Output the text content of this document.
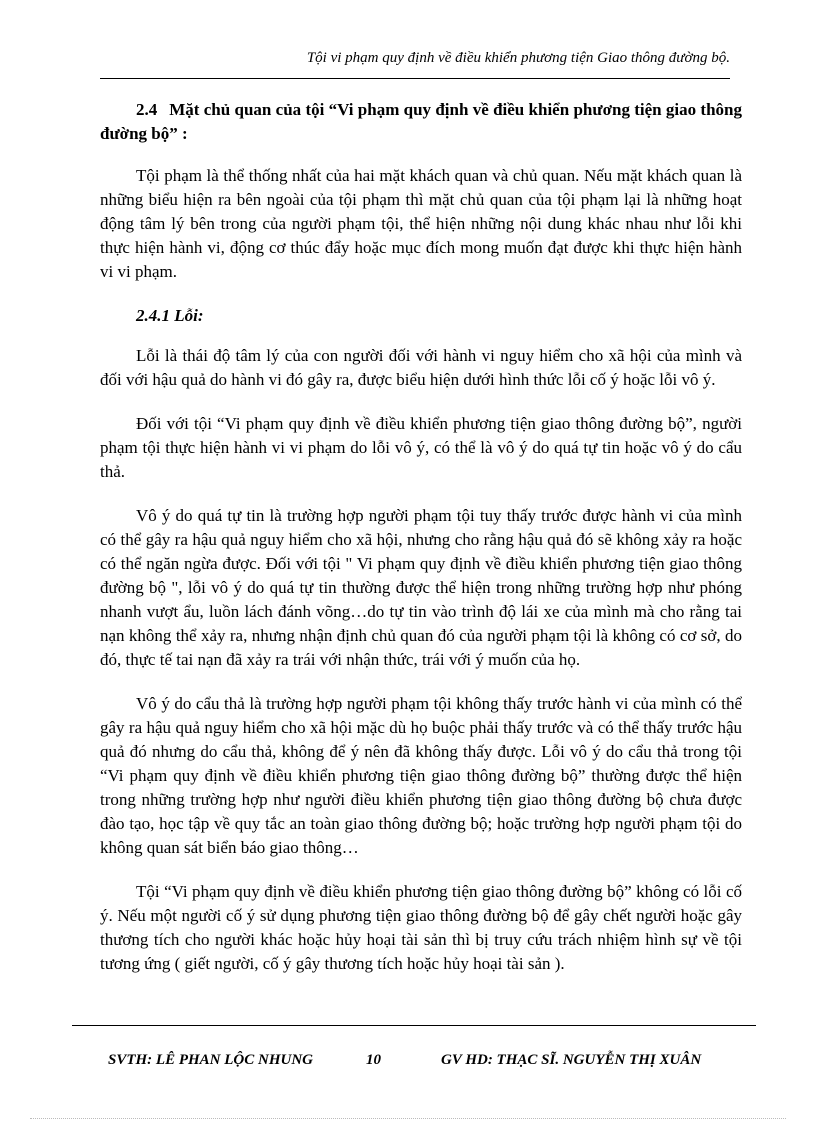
Tội vi phạm quy định về điều khiển phương tiện Giao thông đường bộ.
2.4 Mặt chủ quan của tội “Vi phạm quy định về điều khiển phương tiện giao thông đường bộ” :

Tội phạm là thể thống nhất của hai mặt khách quan và chủ quan. Nếu mặt khách quan là những biểu hiện ra bên ngoài của tội phạm thì mặt chủ quan của tội phạm lại là những hoạt động tâm lý bên trong của người phạm tội, thể hiện những nội dung khác nhau như lỗi khi thực hiện hành vi, động cơ thúc đẩy hoặc mục đích mong muốn đạt được khi thực hiện hành vi vi phạm.

2.4.1 Lỗi:

Lỗi là thái độ tâm lý của con người đối với hành vi nguy hiểm cho xã hội của mình và đối với hậu quả do hành vi đó gây ra, được biểu hiện dưới hình thức lỗi cố ý hoặc lỗi vô ý.

Đối với tội “Vi phạm quy định về điều khiển phương tiện giao thông đường bộ”, người phạm tội thực hiện hành vi vi phạm do lỗi vô ý, có thể là vô ý do quá tự tin hoặc vô ý do cẩu thả.

Vô ý do quá tự tin là trường hợp người phạm tội tuy thấy trước được hành vi của mình có thể gây ra hậu quả nguy hiểm cho xã hội, nhưng cho rằng hậu quả đó sẽ không xảy ra hoặc có thể ngăn ngừa được. Đối với tội " Vi phạm quy định về điều khiển phương tiện giao thông đường bộ ", lỗi vô ý do quá tự tin thường được thể hiện trong những trường hợp như phóng nhanh vượt ẩu, luồn lách đánh võng…do tự tin vào trình độ lái xe của mình mà cho rằng tai nạn không thể xảy ra, nhưng nhận định chủ quan đó của người phạm tội là không có cơ sở, do đó, thực tế tai nạn đã xảy ra trái với nhận thức, trái với ý muốn của họ.

Vô ý do cẩu thả là trường hợp người phạm tội không thấy trước hành vi của mình có thể gây ra hậu quả nguy hiểm cho xã hội mặc dù họ buộc phải thấy trước và có thể thấy trước hậu quả đó nhưng do cẩu thả, không để ý nên đã không thấy được. Lỗi vô ý do cẩu thả trong tội “Vi phạm quy định về điều khiển phương tiện giao thông đường bộ” thường được thể hiện trong những trường hợp như người điều khiển phương tiện giao thông đường bộ chưa được đào tạo, học tập về quy tắc an toàn giao thông đường bộ; hoặc trường hợp người phạm tội do không quan sát biển báo giao thông…

Tội “Vi phạm quy định về điều khiển phương tiện giao thông đường bộ” không có lỗi cố ý. Nếu một người cố ý sử dụng phương tiện giao thông đường bộ để gây chết người hoặc gây thương tích cho người khác hoặc hủy hoại tài sản thì bị truy cứu trách nhiệm hình sự về tội tương ứng ( giết người, cố ý gây thương tích hoặc hủy hoại tài sản ).

SVTH: LÊ PHAN LỘC NHUNG	10	GV HD: THẠC SĨ. NGUYỄN THỊ XUÂN
